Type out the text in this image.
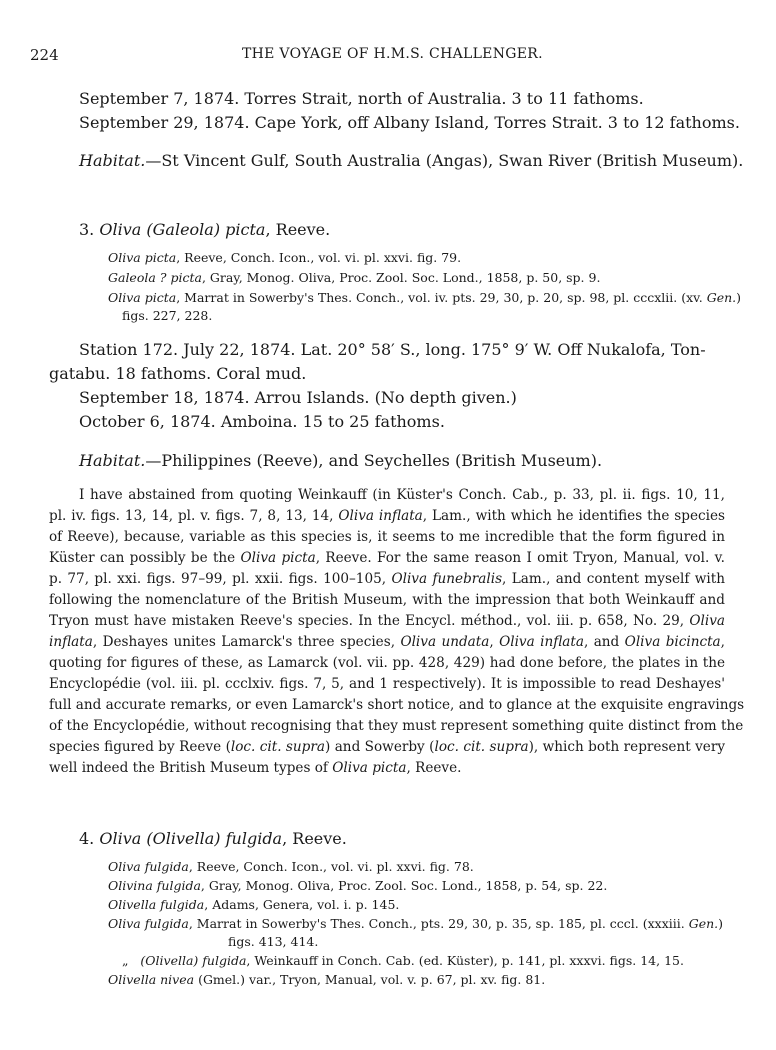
224	THE VOYAGE OF H.M.S. CHALLENGER.
September 7, 1874. Torres Strait, north of Australia. 3 to 11 fathoms.
September 29, 1874. Cape York, off Albany Island, Torres Strait. 3 to 12 fathoms.
Habitat.—St Vincent Gulf, South Australia (Angas), Swan River (British Museum).
3. Oliva (Galeola) picta, Reeve.
Oliva picta, Reeve, Conch. Icon., vol. vi. pl. xxvi. fig. 79.
Galeola ? picta, Gray, Monog. Oliva, Proc. Zool. Soc. Lond., 1858, p. 50, sp. 9.
Oliva picta, Marrat in Sowerby's Thes. Conch., vol. iv. pts. 29, 30, p. 20, sp. 98, pl. cccxlii. (xv. Gen.)
figs. 227, 228.
Station 172. July 22, 1874. Lat. 20° 58′ S., long. 175° 9′ W. Off Nukalofa, Ton-
gatabu. 18 fathoms. Coral mud.
September 18, 1874. Arrou Islands. (No depth given.)
October 6, 1874. Amboina. 15 to 25 fathoms.
Habitat.—Philippines (Reeve), and Seychelles (British Museum).
I have abstained from quoting Weinkauff (in Küster's Conch. Cab., p. 33, pl. ii. figs. 10, 11,
pl. iv. figs. 13, 14, pl. v. figs. 7, 8, 13, 14, Oliva inflata, Lam., with which he identifies the species
of Reeve), because, variable as this species is, it seems to me incredible that the form figured in
Küster can possibly be the Oliva picta, Reeve. For the same reason I omit Tryon, Manual, vol. v.
p. 77, pl. xxi. figs. 97–99, pl. xxii. figs. 100–105, Oliva funebralis, Lam., and content myself with
following the nomenclature of the British Museum, with the impression that both Weinkauff and
Tryon must have mistaken Reeve's species. In the Encycl. méthod., vol. iii. p. 658, No. 29, Oliva
inflata, Deshayes unites Lamarck's three species, Oliva undata, Oliva inflata, and Oliva bicincta,
quoting for figures of these, as Lamarck (vol. vii. pp. 428, 429) had done before, the plates in the
Encyclopédie (vol. iii. pl. ccclxiv. figs. 7, 5, and 1 respectively). It is impossible to read Deshayes'
full and accurate remarks, or even Lamarck's short notice, and to glance at the exquisite engravings
of the Encyclopédie, without recognising that they must represent something quite distinct from the
species figured by Reeve (loc. cit. supra) and Sowerby (loc. cit. supra), which both represent very
well indeed the British Museum types of Oliva picta, Reeve.
4. Oliva (Olivella) fulgida, Reeve.
Oliva fulgida, Reeve, Conch. Icon., vol. vi. pl. xxvi. fig. 78.
Olivina fulgida, Gray, Monog. Oliva, Proc. Zool. Soc. Lond., 1858, p. 54, sp. 22.
Olivella fulgida, Adams, Genera, vol. i. p. 145.
Oliva fulgida, Marrat in Sowerby's Thes. Conch., pts. 29, 30, p. 35, sp. 185, pl. cccl. (xxxiii. Gen.)
figs. 413, 414.
„ (Olivella) fulgida, Weinkauff in Conch. Cab. (ed. Küster), p. 141, pl. xxxvi. figs. 14, 15.
Olivella nivea (Gmel.) var., Tryon, Manual, vol. v. p. 67, pl. xv. fig. 81.
